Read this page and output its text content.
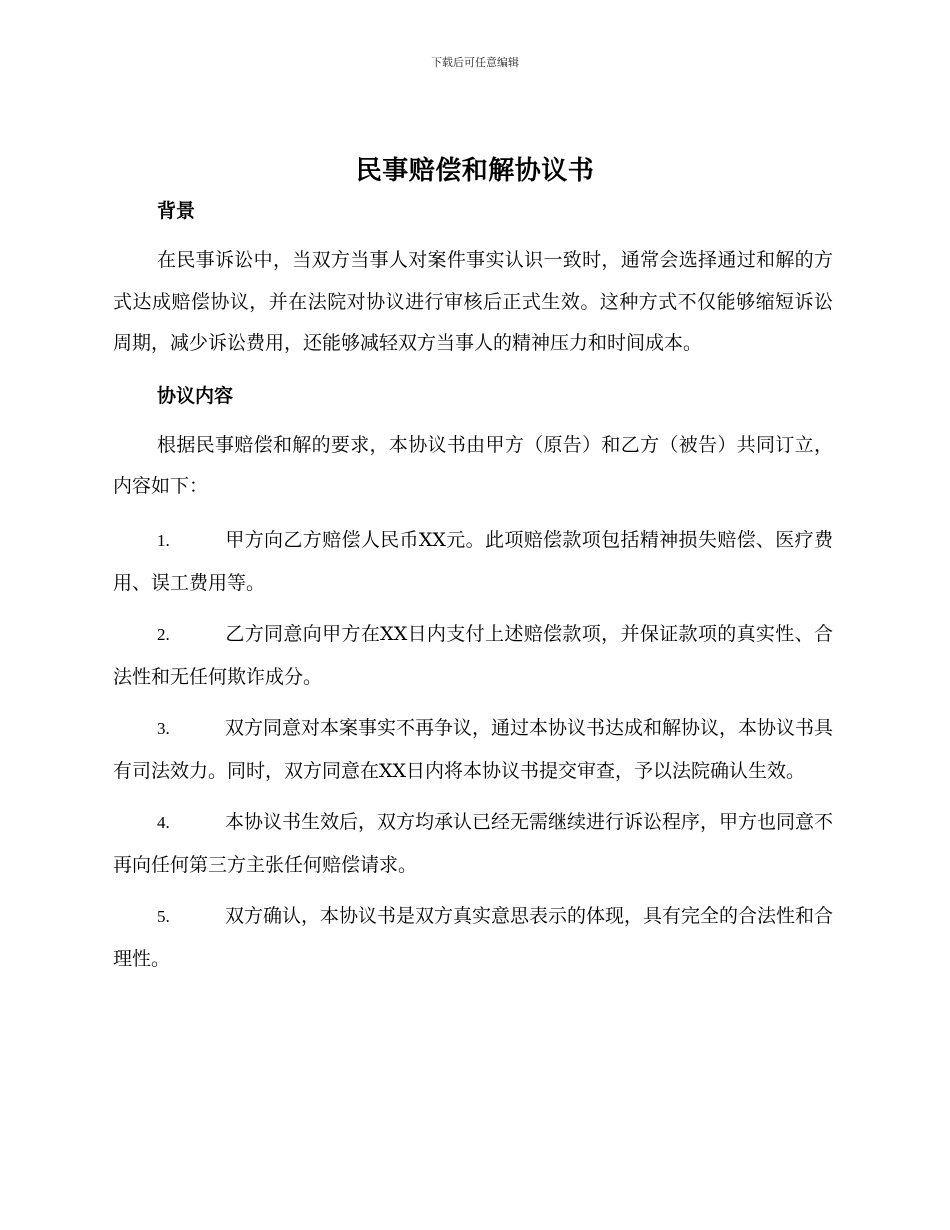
下载后可任意编辑
民事赔偿和解协议书

背景

在民事诉讼中，当双方当事人对案件事实认识一致时，通常会选择通过和解的方式达成赔偿协议，并在法院对协议进行审核后正式生效。这种方式不仅能够缩短诉讼周期，减少诉讼费用，还能够减轻双方当事人的精神压力和时间成本。

协议内容

根据民事赔偿和解的要求，本协议书由甲方（原告）和乙方（被告）共同订立，内容如下：

1.	甲方向乙方赔偿人民币XX元。此项赔偿款项包括精神损失赔偿、医疗费用、误工费用等。

2.	乙方同意向甲方在XX日内支付上述赔偿款项，并保证款项的真实性、合法性和无任何欺诈成分。

3.	双方同意对本案事实不再争议，通过本协议书达成和解协议，本协议书具有司法效力。同时，双方同意在XX日内将本协议书提交审查，予以法院确认生效。

4.	本协议书生效后，双方均承认已经无需继续进行诉讼程序，甲方也同意不再向任何第三方主张任何赔偿请求。

5.	双方确认，本协议书是双方真实意思表示的体现，具有完全的合法性和合理性。
